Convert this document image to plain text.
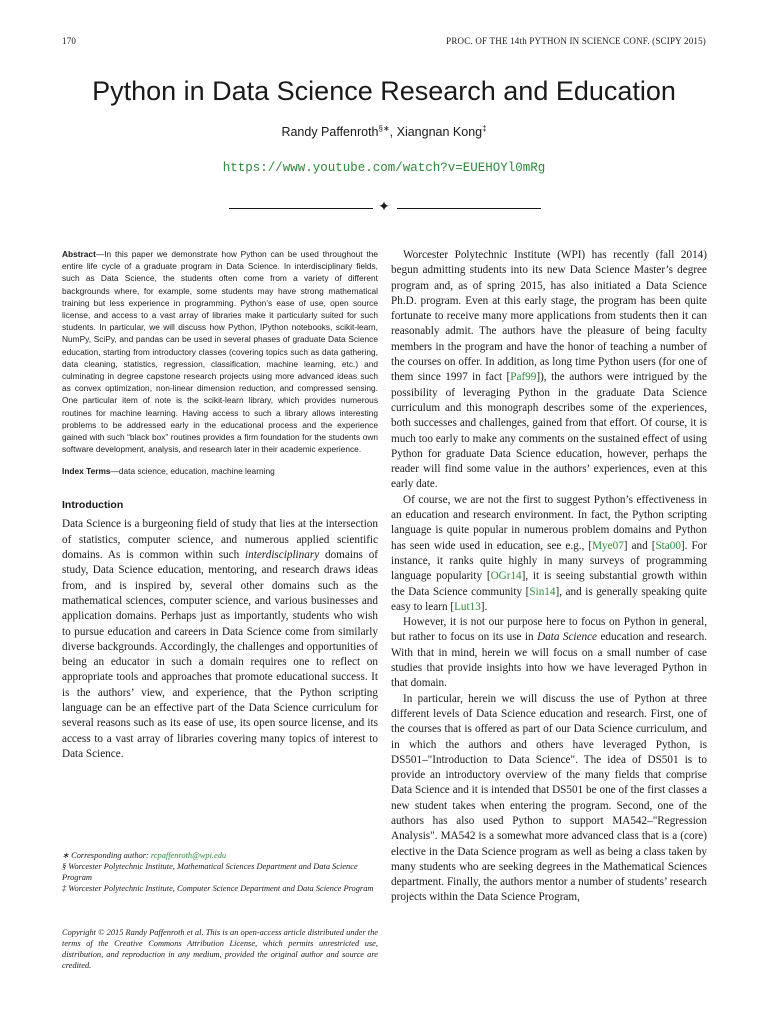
170	PROC. OF THE 14th PYTHON IN SCIENCE CONF. (SCIPY 2015)
Python in Data Science Research and Education
Randy Paffenroth§∗, Xiangnan Kong‡
https://www.youtube.com/watch?v=EUEHOYl0mRg
✦

Abstract—In this paper we demonstrate how Python can be used throughout the entire life cycle of a graduate program in Data Science. In interdisciplinary fields, such as Data Science, the students often come from a variety of different backgrounds where, for example, some students may have strong mathematical training but less experience in programming. Python’s ease of use, open source license, and access to a vast array of libraries make it particularly suited for such students. In particular, we will discuss how Python, IPython notebooks, scikit-learn, NumPy, SciPy, and pandas can be used in several phases of graduate Data Science education, starting from introductory classes (covering topics such as data gathering, data cleaning, statistics, regression, classification, machine learning, etc.) and culminating in degree capstone research projects using more advanced ideas such as convex optimization, non-linear dimension reduction, and compressed sensing. One particular item of note is the scikit-learn library, which provides numerous routines for machine learning. Having access to such a library allows interesting problems to be addressed early in the educational process and the experience gained with such “black box” routines provides a firm foundation for the students own software development, analysis, and research later in their academic experience.

Index Terms—data science, education, machine learning

Introduction

Data Science is a burgeoning field of study that lies at the intersection of statistics, computer science, and numerous applied scientific domains. As is common within such interdisciplinary domains of study, Data Science education, mentoring, and research draws ideas from, and is inspired by, several other domains such as the mathematical sciences, computer science, and various businesses and application domains. Perhaps just as importantly, students who wish to pursue education and careers in Data Science come from similarly diverse backgrounds. Accordingly, the challenges and opportunities of being an educator in such a domain requires one to reflect on appropriate tools and approaches that promote educational success. It is the authors’ view, and experience, that the Python scripting language can be an effective part of the Data Science curriculum for several reasons such as its ease of use, its open source license, and its access to a vast array of libraries covering many topics of interest to Data Science.

∗ Corresponding author: rcpaffenroth@wpi.edu

§ Worcester Polytechnic Institute, Mathematical Sciences Department and Data Science Program

‡ Worcester Polytechnic Institute, Computer Science Department and Data Science Program

Copyright © 2015 Randy Paffenroth et al. This is an open-access article distributed under the terms of the Creative Commons Attribution License, which permits unrestricted use, distribution, and reproduction in any medium, provided the original author and source are credited.

Worcester Polytechnic Institute (WPI) has recently (fall 2014) begun admitting students into its new Data Science Master’s degree program and, as of spring 2015, has also initiated a Data Science Ph.D. program. Even at this early stage, the program has been quite fortunate to receive many more applications from students then it can reasonably admit. The authors have the pleasure of being faculty members in the program and have the honor of teaching a number of the courses on offer. In addition, as long time Python users (for one of them since 1997 in fact [Paf99]), the authors were intrigued by the possibility of leveraging Python in the graduate Data Science curriculum and this monograph describes some of the experiences, both successes and challenges, gained from that effort. Of course, it is much too early to make any comments on the sustained effect of using Python for graduate Data Science education, however, perhaps the reader will find some value in the authors’ experiences, even at this early date.

Of course, we are not the first to suggest Python’s effectiveness in an education and research environment. In fact, the Python scripting language is quite popular in numerous problem domains and Python has seen wide used in education, see e.g., [Mye07] and [Sta00]. For instance, it ranks quite highly in many surveys of programming language popularity [OGr14], it is seeing substantial growth within the Data Science community [Sin14], and is generally speaking quite easy to learn [Lut13].

However, it is not our purpose here to focus on Python in general, but rather to focus on its use in Data Science education and research. With that in mind, herein we will focus on a small number of case studies that provide insights into how we have leveraged Python in that domain.

In particular, herein we will discuss the use of Python at three different levels of Data Science education and research. First, one of the courses that is offered as part of our Data Science curriculum, and in which the authors and others have leveraged Python, is DS501–"Introduction to Data Science". The idea of DS501 is to provide an introductory overview of the many fields that comprise Data Science and it is intended that DS501 be one of the first classes a new student takes when entering the program. Second, one of the authors has also used Python to support MA542–"Regression Analysis". MA542 is a somewhat more advanced class that is a (core) elective in the Data Science program as well as being a class taken by many students who are seeking degrees in the Mathematical Sciences department. Finally, the authors mentor a number of students’ research projects within the Data Science Program,
